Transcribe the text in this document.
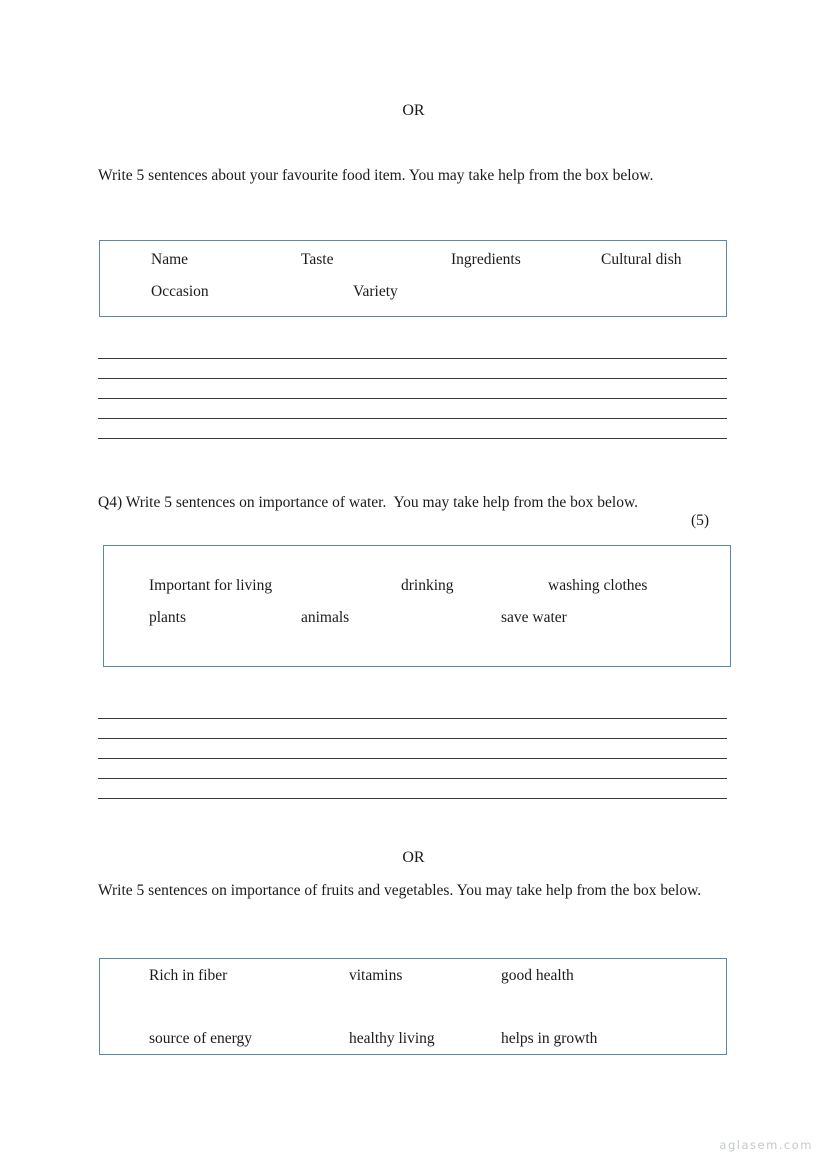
OR
Write 5 sentences about your favourite food item. You may take help from the box below.
Name	Taste	Ingredients	Cultural dish
Occasion	Variety
Q4) Write 5 sentences on importance of water.  You may take help from the box below.
(5)
Important for living	drinking	washing clothes
plants	animals	save water
OR
Write 5 sentences on importance of fruits and vegetables. You may take help from the box below.
Rich in fiber	vitamins	good health
source of energy	healthy living	helps in growth
aglasem.com
